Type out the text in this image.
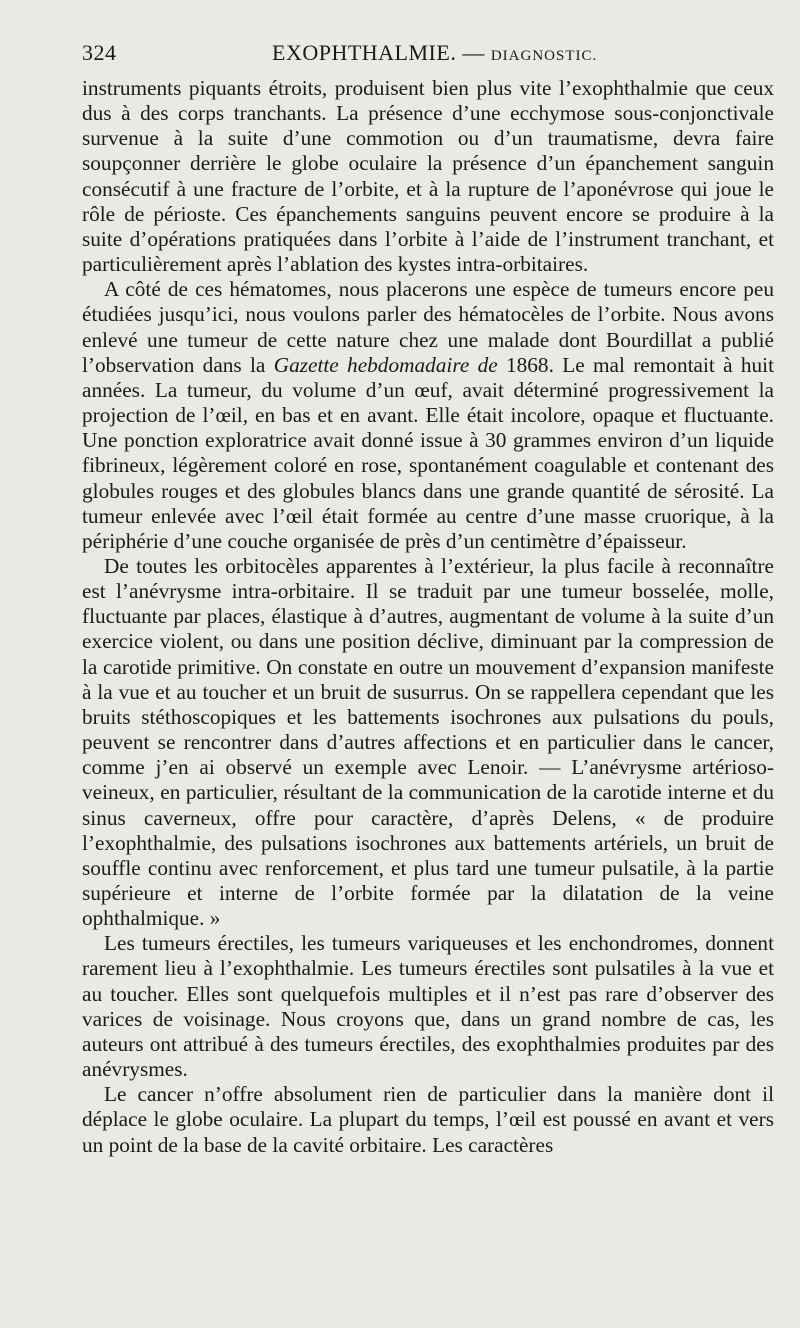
324	EXOPHTHALMIE. — DIAGNOSTIC.

instruments piquants étroits, produisent bien plus vite l’exophthalmie que ceux dus à des corps tranchants. La présence d’une ecchymose sous-conjonctivale survenue à la suite d’une commotion ou d’un traumatisme, devra faire soupçonner derrière le globe oculaire la présence d’un épanchement sanguin consécutif à une fracture de l’orbite, et à la rupture de l’aponévrose qui joue le rôle de périoste. Ces épanchements sanguins peuvent encore se produire à la suite d’opérations pratiquées dans l’orbite à l’aide de l’instrument tranchant, et particulièrement après l’ablation des kystes intra-orbitaires.

A côté de ces hématomes, nous placerons une espèce de tumeurs encore peu étudiées jusqu’ici, nous voulons parler des hématocèles de l’orbite. Nous avons enlevé une tumeur de cette nature chez une malade dont Bourdillat a publié l’observation dans la Gazette hebdomadaire de 1868. Le mal remontait à huit années. La tumeur, du volume d’un œuf, avait déterminé progressivement la projection de l’œil, en bas et en avant. Elle était incolore, opaque et fluctuante. Une ponction exploratrice avait donné issue à 30 grammes environ d’un liquide fibrineux, légèrement coloré en rose, spontanément coagulable et contenant des globules rouges et des globules blancs dans une grande quantité de sérosité. La tumeur enlevée avec l’œil était formée au centre d’une masse cruorique, à la périphérie d’une couche organisée de près d’un centimètre d’épaisseur.

De toutes les orbitocèles apparentes à l’extérieur, la plus facile à reconnaître est l’anévrysme intra-orbitaire. Il se traduit par une tumeur bosselée, molle, fluctuante par places, élastique à d’autres, augmentant de volume à la suite d’un exercice violent, ou dans une position déclive, diminuant par la compression de la carotide primitive. On constate en outre un mouvement d’expansion manifeste à la vue et au toucher et un bruit de susurrus. On se rappellera cependant que les bruits stéthoscopiques et les battements isochrones aux pulsations du pouls, peuvent se rencontrer dans d’autres affections et en particulier dans le cancer, comme j’en ai observé un exemple avec Lenoir. — L’anévrysme artérioso-veineux, en particulier, résultant de la communication de la carotide interne et du sinus caverneux, offre pour caractère, d’après Delens, « de produire l’exophthalmie, des pulsations isochrones aux battements artériels, un bruit de souffle continu avec renforcement, et plus tard une tumeur pulsatile, à la partie supérieure et interne de l’orbite formée par la dilatation de la veine ophthalmique. »

Les tumeurs érectiles, les tumeurs variqueuses et les enchondromes, donnent rarement lieu à l’exophthalmie. Les tumeurs érectiles sont pulsatiles à la vue et au toucher. Elles sont quelquefois multiples et il n’est pas rare d’observer des varices de voisinage. Nous croyons que, dans un grand nombre de cas, les auteurs ont attribué à des tumeurs érectiles, des exophthalmies produites par des anévrysmes.

Le cancer n’offre absolument rien de particulier dans la manière dont il déplace le globe oculaire. La plupart du temps, l’œil est poussé en avant et vers un point de la base de la cavité orbitaire. Les caractères
